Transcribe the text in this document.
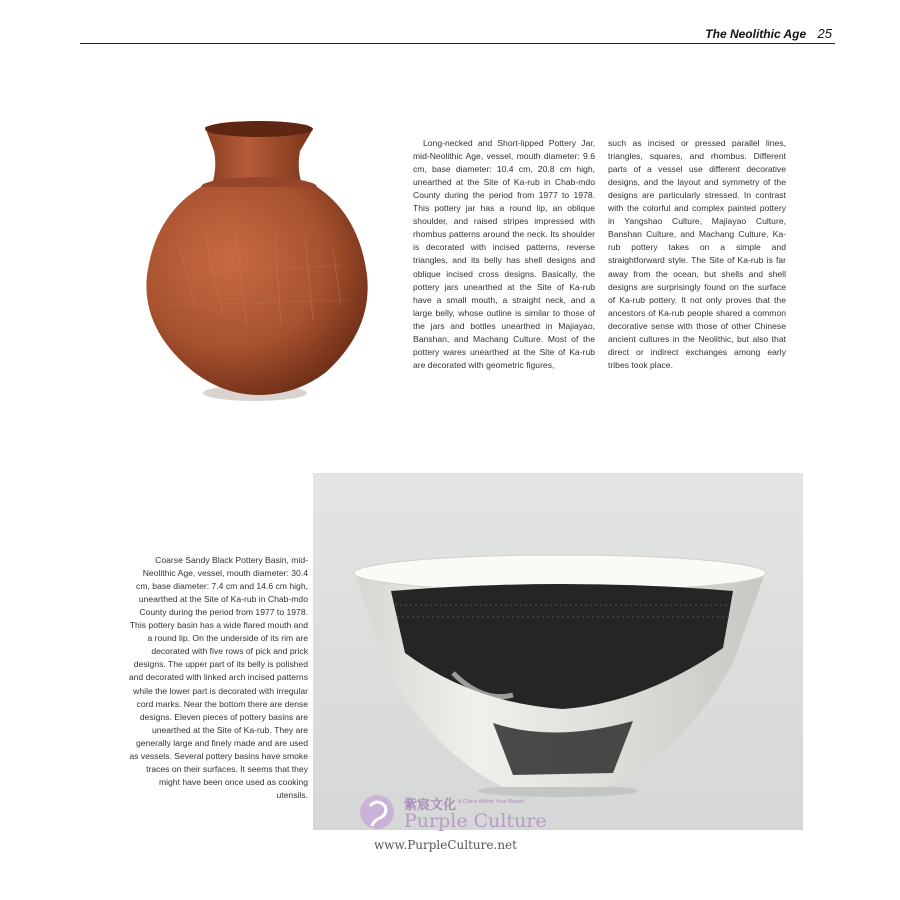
The Neolithic Age 25

Long-necked and Short-lipped Pottery Jar, mid-Neolithic Age, vessel, mouth diameter: 9.6 cm, base diameter: 10.4 cm, 20.8 cm high, unearthed at the Site of Ka-rub in Chab-mdo County during the period from 1977 to 1978. This pottery jar has a round lip, an oblique shoulder, and raised stripes impressed with rhombus patterns around the neck. Its shoulder is decorated with incised patterns, reverse triangles, and its belly has shell designs and oblique incised cross designs. Basically, the pottery jars unearthed at the Site of Ka-rub have a small mouth, a straight neck, and a large belly, whose outline is similar to those of the jars and bottles unearthed in Majiayao, Banshan, and Machang Culture. Most of the pottery wares unearthed at the Site of Ka-rub are decorated with geometric figures,

such as incised or pressed parallel lines, triangles, squares, and rhombus. Different parts of a vessel use different decorative designs, and the layout and symmetry of the designs are particularly stressed. In contrast with the colorful and complex painted pottery in Yangshao Culture, Majiayao Culture, Banshan Culture, and Machang Culture, Ka-rub pottery takes on a simple and straightforward style. The Site of Ka-rub is far away from the ocean, but shells and shell designs are surprisingly found on the surface of Ka-rub pottery. It not only proves that the ancestors of Ka-rub people shared a common decorative sense with those of other Chinese ancient cultures in the Neolithic, but also that direct or indirect exchanges among early tribes took place.

Coarse Sandy Black Pottery Basin, mid-Neolithic Age, vessel, mouth diameter: 30.4 cm, base diameter: 7.4 cm and 14.6 cm high, unearthed at the Site of Ka-rub in Chab-mdo County during the period from 1977 to 1978. This pottery basin has a wide flared mouth and a round lip. On the underside of its rim are decorated with five rows of pick and prick designs. The upper part of its belly is polished and decorated with linked arch incised patterns while the lower part is decorated with irregular cord marks. Near the bottom there are dense designs. Eleven pieces of pottery basins are unearthed at the Site of Ka-rub. They are generally large and finely made and are used as vessels. Several pottery basins have smoke traces on their surfaces. It seems that they might have been once used as cooking utensils.

紫宸文化 A China Within Your Reach
Purple Culture
www.PurpleCulture.net
